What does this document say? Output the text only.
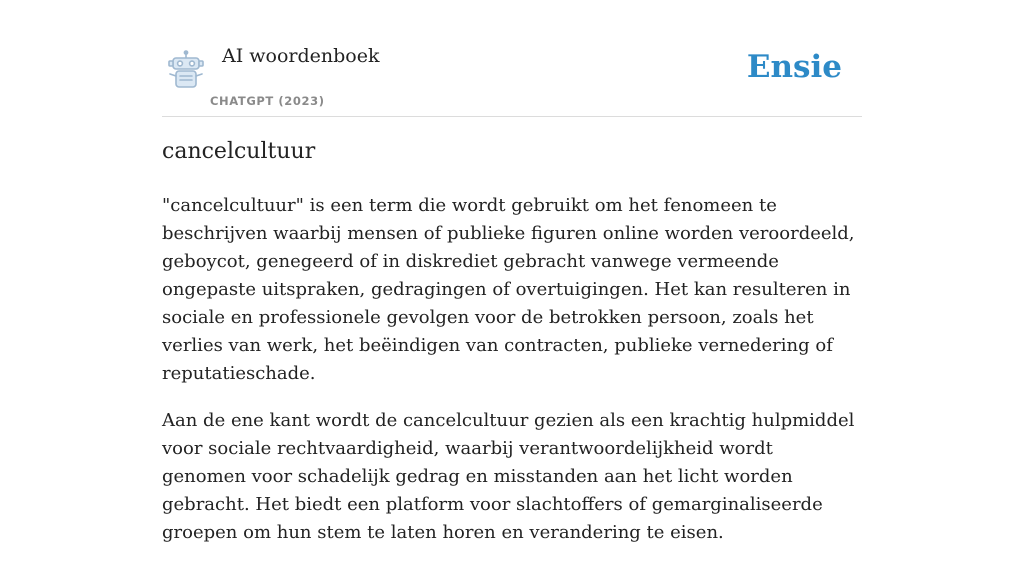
AI woordenboek
CHATGPT (2023)
Ensie
cancelcultuur

"cancelcultuur" is een term die wordt gebruikt om het fenomeen te beschrijven waarbij mensen of publieke figuren online worden veroordeeld, geboycot, genegeerd of in diskrediet gebracht vanwege vermeende ongepaste uitspraken, gedragingen of overtuigingen. Het kan resulteren in sociale en professionele gevolgen voor de betrokken persoon, zoals het verlies van werk, het beëindigen van contracten, publieke vernedering of reputatieschade.

Aan de ene kant wordt de cancelcultuur gezien als een krachtig hulpmiddel voor sociale rechtvaardigheid, waarbij verantwoordelijkheid wordt genomen voor schadelijk gedrag en misstanden aan het licht worden gebracht. Het biedt een platform voor slachtoffers of gemarginaliseerde groepen om hun stem te laten horen en verandering te eisen.
